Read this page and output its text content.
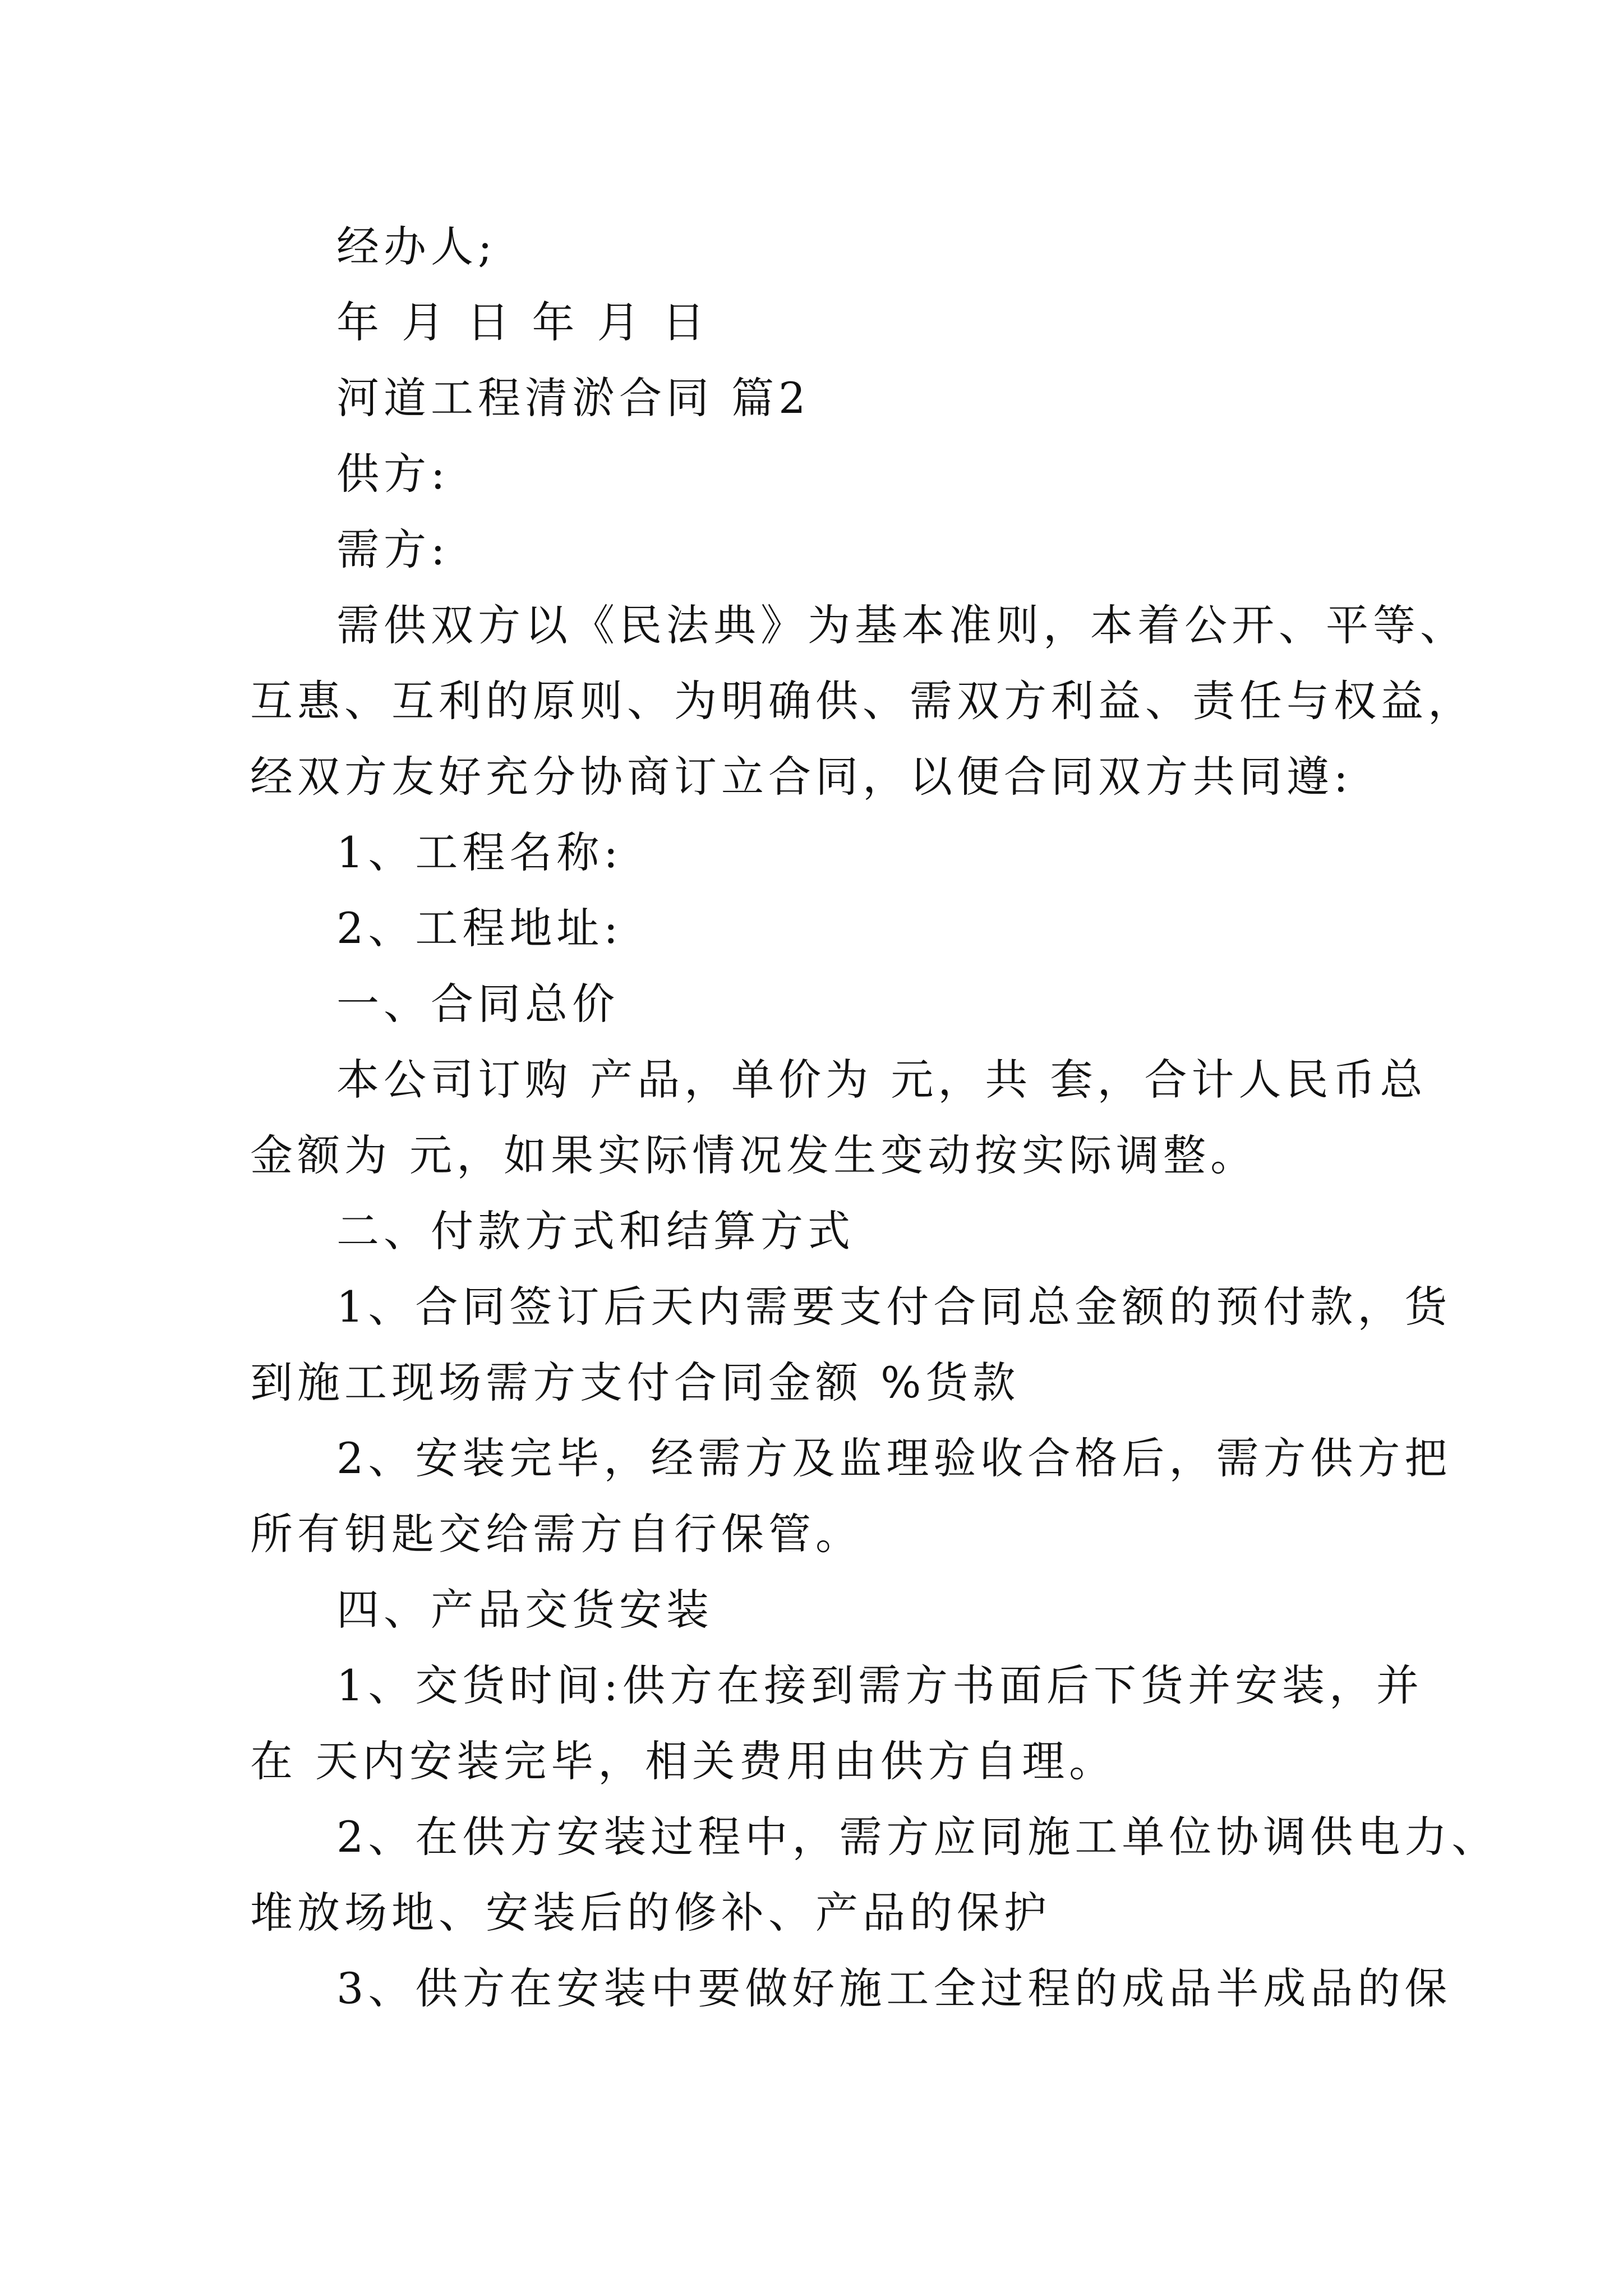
经办人;
年 月 日 年 月 日
河道工程清淤合同 篇2
供方:
需方:
需供双方以《民法典》为基本准则，本着公开、平等、
互惠、互利的原则、为明确供、需双方利益、责任与权益，
经双方友好充分协商订立合同，以便合同双方共同遵:
1、工程名称:
2、工程地址:
一、合同总价
本公司订购 产品，单价为 元，共 套，合计人民币总
金额为 元，如果实际情况发生变动按实际调整。
二、付款方式和结算方式
1、合同签订后天内需要支付合同总金额的预付款，货
到施工现场需方支付合同金额 %货款
2、安装完毕，经需方及监理验收合格后，需方供方把
所有钥匙交给需方自行保管。
四、产品交货安装
1、交货时间:供方在接到需方书面后下货并安装，并
在 天内安装完毕，相关费用由供方自理。
2、在供方安装过程中，需方应同施工单位协调供电力、
堆放场地、安装后的修补、产品的保护
3、供方在安装中要做好施工全过程的成品半成品的保
